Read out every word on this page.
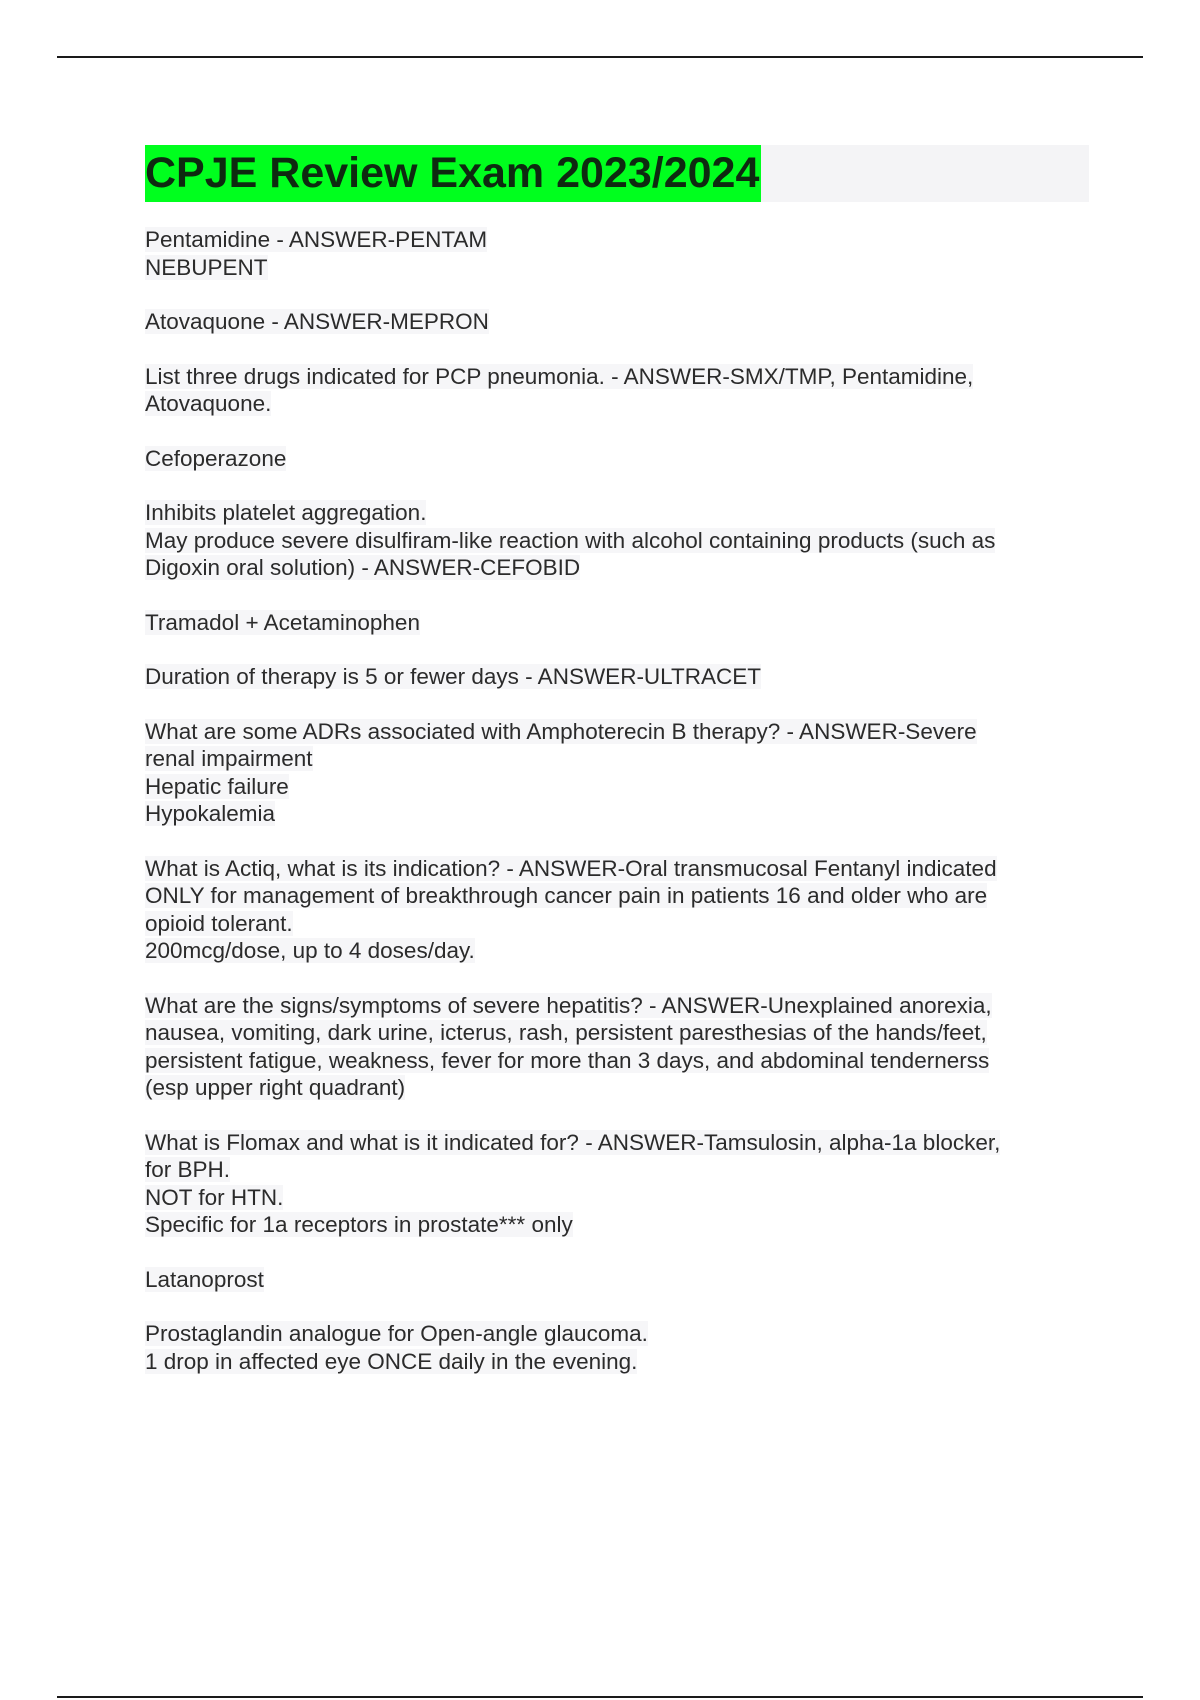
CPJE Review Exam 2023/2024

Pentamidine - ANSWER-PENTAM

NEBUPENT

Atovaquone - ANSWER-MEPRON

List three drugs indicated for PCP pneumonia. - ANSWER-SMX/TMP, Pentamidine,

Atovaquone.

Cefoperazone

Inhibits platelet aggregation.

May produce severe disulfiram-like reaction with alcohol containing products (such as

Digoxin oral solution) - ANSWER-CEFOBID

Tramadol + Acetaminophen

Duration of therapy is 5 or fewer days - ANSWER-ULTRACET

What are some ADRs associated with Amphoterecin B therapy? - ANSWER-Severe

renal impairment

Hepatic failure

Hypokalemia

What is Actiq, what is its indication? - ANSWER-Oral transmucosal Fentanyl indicated

ONLY for management of breakthrough cancer pain in patients 16 and older who are

opioid tolerant.

200mcg/dose, up to 4 doses/day.

What are the signs/symptoms of severe hepatitis? - ANSWER-Unexplained anorexia,

nausea, vomiting, dark urine, icterus, rash, persistent paresthesias of the hands/feet,

persistent fatigue, weakness, fever for more than 3 days, and abdominal tendernerss

(esp upper right quadrant)

What is Flomax and what is it indicated for? - ANSWER-Tamsulosin, alpha-1a blocker,

for BPH.

NOT for HTN.

Specific for 1a receptors in prostate*** only

Latanoprost

Prostaglandin analogue for Open-angle glaucoma.

1 drop in affected eye ONCE daily in the evening.
